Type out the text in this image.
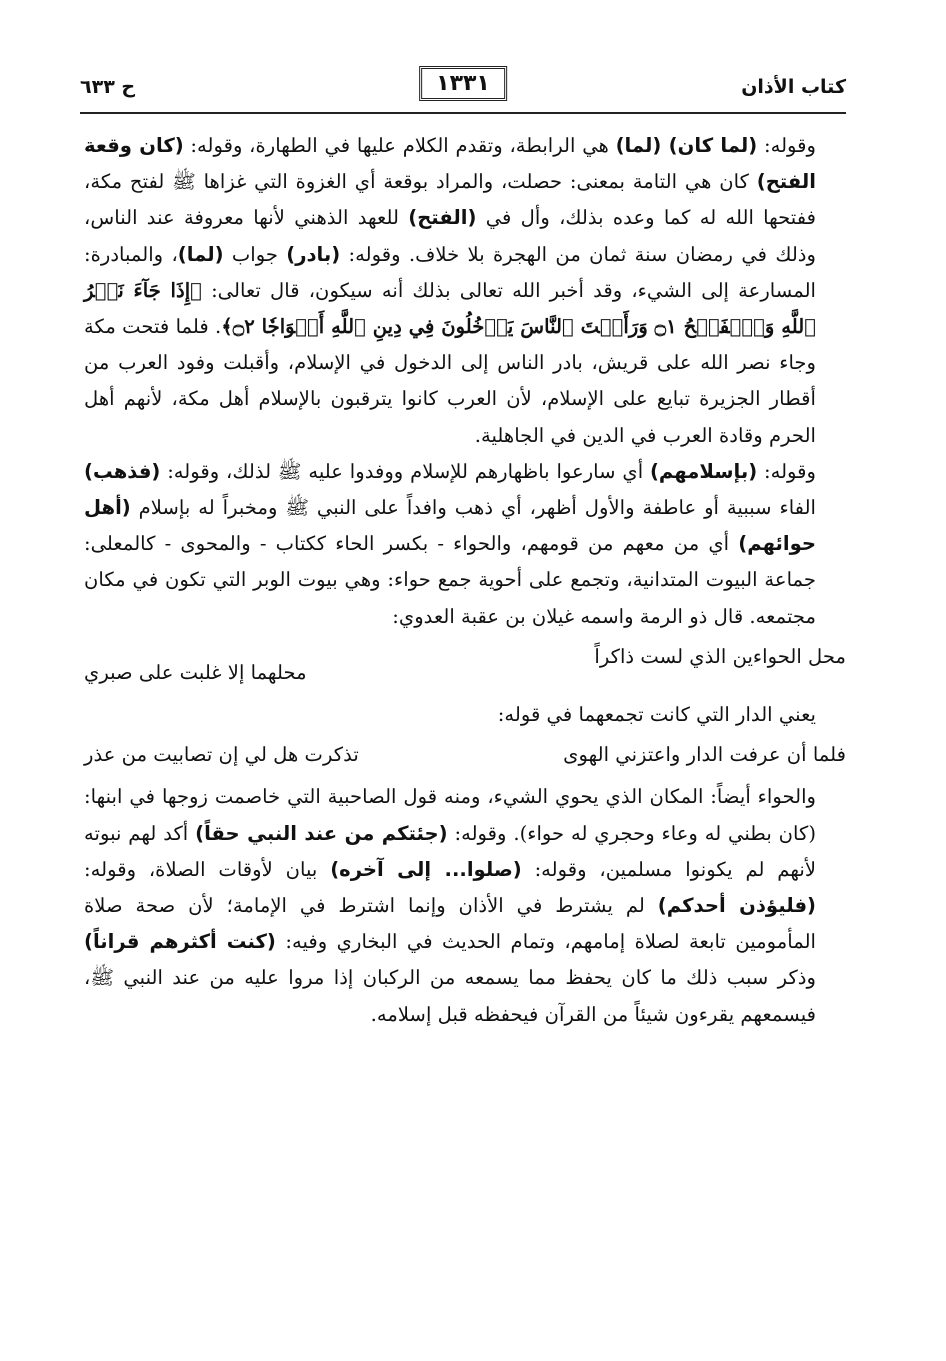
كتاب الأذان
١٣٣١
ح ٦٣٣

وقوله: (لما كان) (لما) هي الرابطة، وتقدم الكلام عليها في الطهارة، وقوله: (كان وقعة الفتح) كان هي التامة بمعنى: حصلت، والمراد بوقعة أي الغزوة التي غزاها ﷺ لفتح مكة، ففتحها الله له كما وعده بذلك، وأل في (الفتح) للعهد الذهني لأنها معروفة عند الناس، وذلك في رمضان سنة ثمان من الهجرة بلا خلاف. وقوله: (بادر) جواب (لما)، والمبادرة: المسارعة إلى الشيء، وقد أخبر الله تعالى بذلك أنه سيكون، قال تعالى: ﴿إِذَا جَآءَ نَصۡرُ ٱللَّهِ وَٱلۡفَتۡحُ ۝١ وَرَأَيۡتَ ٱلنَّاسَ يَدۡخُلُونَ فِي دِينِ ٱللَّهِ أَفۡوَاجٗا ۝٢﴾. فلما فتحت مكة وجاء نصر الله على قريش، بادر الناس إلى الدخول في الإسلام، وأقبلت وفود العرب من أقطار الجزيرة تبايع على الإسلام، لأن العرب كانوا يترقبون بالإسلام أهل مكة، لأنهم أهل الحرم وقادة العرب في الدين في الجاهلية.

وقوله: (بإسلامهم) أي سارعوا باظهارهم للإسلام ووفدوا عليه ﷺ لذلك، وقوله: (فذهب) الفاء سببية أو عاطفة والأول أظهر، أي ذهب وافداً على النبي ﷺ ومخبراً له بإسلام (أهل حوائهم) أي من معهم من قومهم، والحواء - بكسر الحاء ككتاب - والمحوى - كالمعلى: جماعة البيوت المتدانية، وتجمع على أحوية جمع حواء: وهي بيوت الوبر التي تكون في مكان مجتمعه. قال ذو الرمة واسمه غيلان بن عقبة العدوي:

محل الحواءين الذي لست ذاكراً
محلهما إلا غلبت على صبري

يعني الدار التي كانت تجمعهما في قوله:

فلما أن عرفت الدار واعتزني الهوى
تذكرت هل لي إن تصابيت من عذر

والحواء أيضاً: المكان الذي يحوي الشيء، ومنه قول الصاحبية التي خاصمت زوجها في ابنها: (كان بطني له وعاء وحجري له حواء). وقوله: (جئتكم من عند النبي حقاً) أكد لهم نبوته لأنهم لم يكونوا مسلمين، وقوله: (صلوا... إلى آخره) بيان لأوقات الصلاة، وقوله: (فليؤذن أحدكم) لم يشترط في الأذان وإنما اشترط في الإمامة؛ لأن صحة صلاة المأمومين تابعة لصلاة إمامهم، وتمام الحديث في البخاري وفيه: (كنت أكثرهم قراناً) وذكر سبب ذلك ما كان يحفظ مما يسمعه من الركبان إذا مروا عليه من عند النبي ﷺ، فيسمعهم يقرءون شيئاً من القرآن فيحفظه قبل إسلامه.
